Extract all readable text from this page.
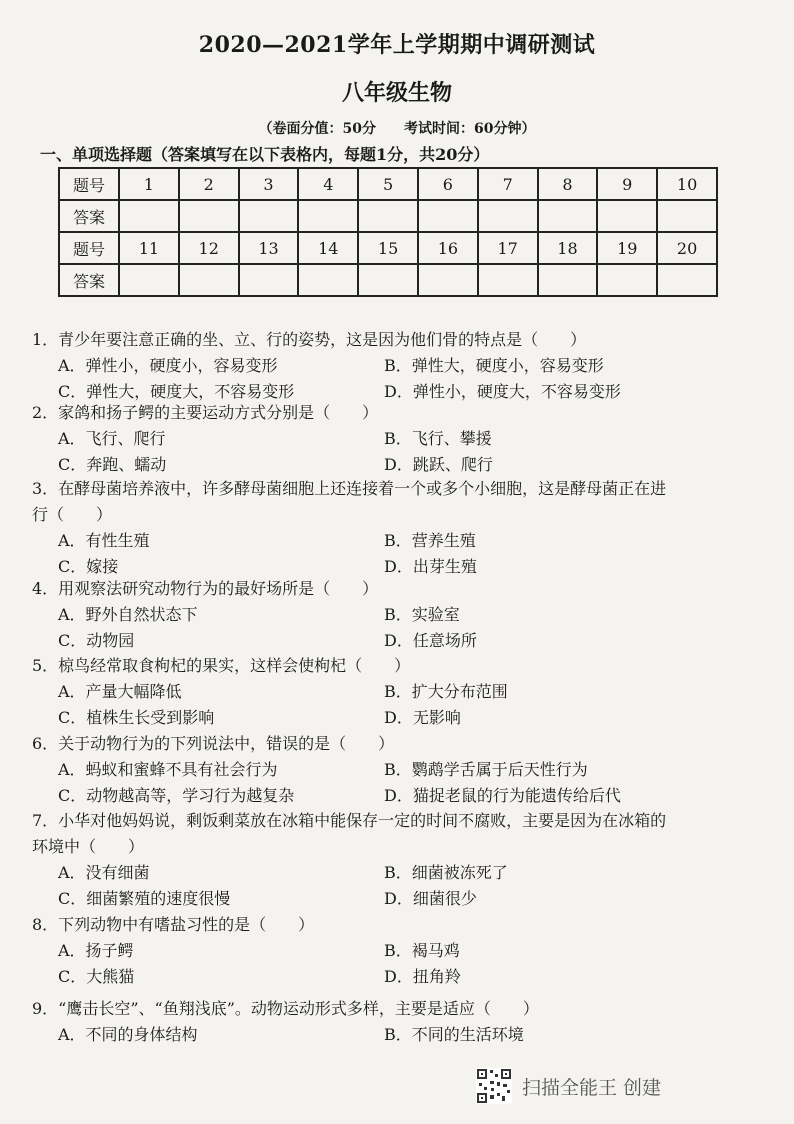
2020—2021学年上学期期中调研测试
八年级生物
（卷面分值：50分　　考试时间：60分钟）
一、单项选择题（答案填写在以下表格内，每题1分，共20分）
题号	1	2	3	4	5	6	7	8	9	10
答案										
题号	11	12	13	14	15	16	17	18	19	20
答案										
1．青少年要注意正确的坐、立、行的姿势，这是因为他们骨的特点是（　　）
A．弹性小，硬度小，容易变形	B．弹性大，硬度小，容易变形
C．弹性大，硬度大，不容易变形	D．弹性小，硬度大，不容易变形
2．家鸽和扬子鳄的主要运动方式分别是（　　）
A．飞行、爬行	B．飞行、攀援
C．奔跑、蠕动	D．跳跃、爬行
3．在酵母菌培养液中，许多酵母菌细胞上还连接着一个或多个小细胞，这是酵母菌正在进
行（　　）
A．有性生殖	B．营养生殖
C．嫁接	D．出芽生殖
4．用观察法研究动物行为的最好场所是（　　）
A．野外自然状态下	B．实验室
C．动物园	D．任意场所
5．椋鸟经常取食枸杞的果实，这样会使枸杞（　　）
A．产量大幅降低	B．扩大分布范围
C．植株生长受到影响	D．无影响
6．关于动物行为的下列说法中，错误的是（　　）
A．蚂蚁和蜜蜂不具有社会行为	B．鹦鹉学舌属于后天性行为
C．动物越高等，学习行为越复杂	D．猫捉老鼠的行为能遗传给后代
7．小华对他妈妈说，剩饭剩菜放在冰箱中能保存一定的时间不腐败，主要是因为在冰箱的
环境中（　　）
A．没有细菌	B．细菌被冻死了
C．细菌繁殖的速度很慢	D．细菌很少
8．下列动物中有嗜盐习性的是（　　）
A．扬子鳄	B．褐马鸡
C．大熊猫	D．扭角羚
9．“鹰击长空”、“鱼翔浅底”。动物运动形式多样，主要是适应（　　）
A．不同的身体结构	B．不同的生活环境
扫描全能王 创建
